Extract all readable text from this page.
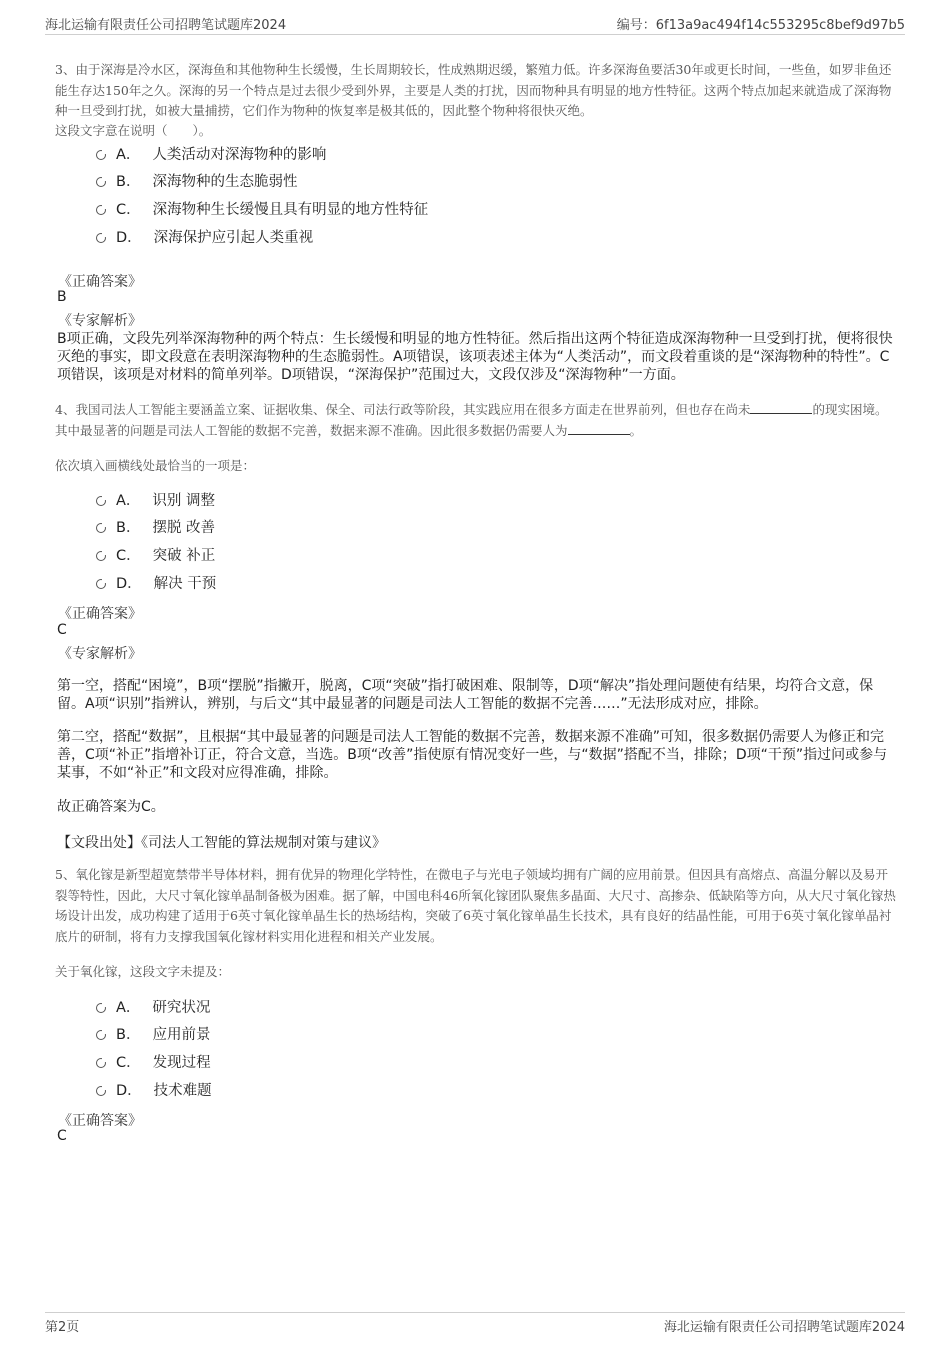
海北运输有限责任公司招聘笔试题库2024	编号：6f13a9ac494f14c553295c8bef9d97b5

3、由于深海是冷水区，深海鱼和其他物种生长缓慢，生长周期较长，性成熟期迟缓，繁殖力低。许多深海鱼要活30年或更长时间，一些鱼，如罗非鱼还能生存达150年之久。深海的另一个特点是过去很少受到外界，主要是人类的打扰，因而物种具有明显的地方性特征。这两个特点加起来就造成了深海物种一旦受到打扰，如被大量捕捞，它们作为物种的恢复率是极其低的，因此整个物种将很快灭绝。

这段文字意在说明（　　）。
A． 人类活动对深海物种的影响
B． 深海物种的生态脆弱性
C． 深海物种生长缓慢且具有明显的地方性特征
D． 深海保护应引起人类重视
《正确答案》
B
《专家解析》
B项正确，文段先列举深海物种的两个特点：生长缓慢和明显的地方性特征。然后指出这两个特征造成深海物种一旦受到打扰，便将很快灭绝的事实，即文段意在表明深海物种的生态脆弱性。A项错误，该项表述主体为“人类活动”，而文段着重谈的是“深海物种的特性”。C项错误，该项是对材料的简单列举。D项错误，“深海保护”范围过大，文段仅涉及“深海物种”一方面。

4、我国司法人工智能主要涵盖立案、证据收集、保全、司法行政等阶段，其实践应用在很多方面走在世界前列，但也存在尚未	的现实困境。其中最显著的问题是司法人工智能的数据不完善，数据来源不准确。因此很多数据仍需要人为	。

依次填入画横线处最恰当的一项是：
A． 识别 调整
B． 摆脱 改善
C． 突破 补正
D． 解决 干预
《正确答案》
C
《专家解析》
第一空，搭配“困境”，B项“摆脱”指撇开，脱离，C项“突破”指打破困难、限制等，D项“解决”指处理问题使有结果，均符合文意，保留。A项“识别”指辨认，辨别，与后文“其中最显著的问题是司法人工智能的数据不完善……”无法形成对应，排除。
第二空，搭配“数据”，且根据“其中最显著的问题是司法人工智能的数据不完善，数据来源不准确”可知，很多数据仍需要人为修正和完善，C项“补正”指增补订正，符合文意，当选。B项“改善”指使原有情况变好一些，与“数据”搭配不当，排除；D项“干预”指过问或参与某事，不如“补正”和文段对应得准确，排除。
故正确答案为C。
【文段出处】《司法人工智能的算法规制对策与建议》

5、氧化镓是新型超宽禁带半导体材料，拥有优异的物理化学特性，在微电子与光电子领域均拥有广阔的应用前景。但因具有高熔点、高温分解以及易开裂等特性，因此，大尺寸氧化镓单晶制备极为困难。据了解，中国电科46所氧化镓团队聚焦多晶面、大尺寸、高掺杂、低缺陷等方向，从大尺寸氧化镓热场设计出发，成功构建了适用于6英寸氧化镓单晶生长的热场结构，突破了6英寸氧化镓单晶生长技术，具有良好的结晶性能，可用于6英寸氧化镓单晶衬底片的研制，将有力支撑我国氧化镓材料实用化进程和相关产业发展。

关于氧化镓，这段文字未提及：
A． 研究状况
B． 应用前景
C． 发现过程
D． 技术难题
《正确答案》
C
第2页	海北运输有限责任公司招聘笔试题库2024
